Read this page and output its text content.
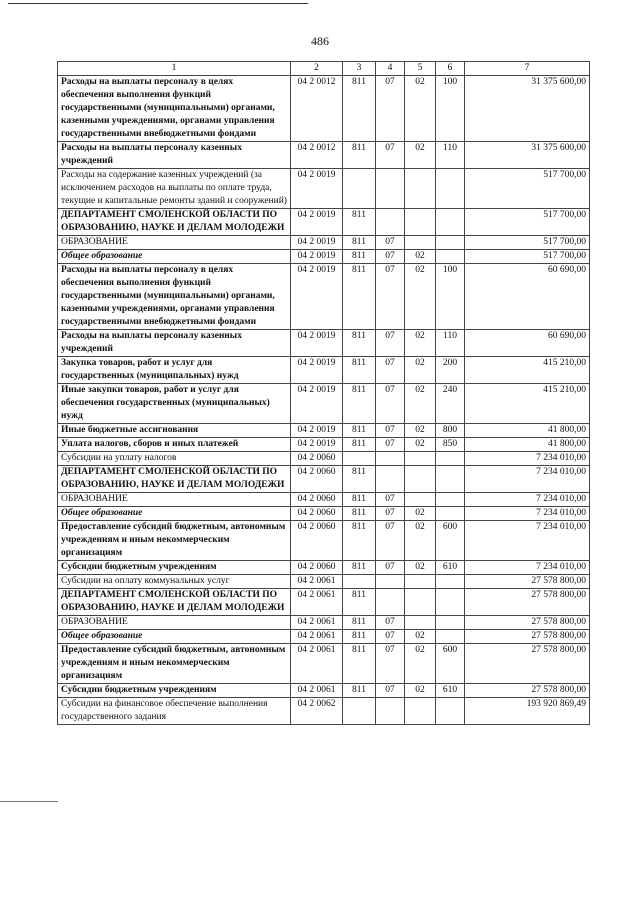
486
1	2	3	4	5	6	7
Расходы на выплаты персоналу в целях обеспечения выполнения функций государственными (муниципальными) органами, казенными учреждениями, органами управления государственными внебюджетными фондами	04 2 0012	811	07	02	100	31 375 600,00
Расходы на выплаты персоналу казенных учреждений	04 2 0012	811	07	02	110	31 375 600,00
Расходы на содержание казенных учреждений (за исключением расходов на выплаты по оплате труда, текущие и капитальные ремонты зданий и сооружений)	04 2 0019					517 700,00
ДЕПАРТАМЕНТ СМОЛЕНСКОЙ ОБЛАСТИ ПО ОБРАЗОВАНИЮ, НАУКЕ И ДЕЛАМ МОЛОДЕЖИ	04 2 0019	811				517 700,00
ОБРАЗОВАНИЕ	04 2 0019	811	07			517 700,00
Общее образование	04 2 0019	811	07	02		517 700,00
Расходы на выплаты персоналу в целях обеспечения выполнения функций государственными (муниципальными) органами, казенными учреждениями, органами управления государственными внебюджетными фондами	04 2 0019	811	07	02	100	60 690,00
Расходы на выплаты персоналу казенных учреждений	04 2 0019	811	07	02	110	60 690,00
Закупка товаров, работ и услуг для государственных (муниципальных) нужд	04 2 0019	811	07	02	200	415 210,00
Иные закупки товаров, работ и услуг для обеспечения государственных (муниципальных) нужд	04 2 0019	811	07	02	240	415 210,00
Иные бюджетные ассигнования	04 2 0019	811	07	02	800	41 800,00
Уплата налогов, сборов и иных платежей	04 2 0019	811	07	02	850	41 800,00
Субсидии на уплату налогов	04 2 0060					7 234 010,00
ДЕПАРТАМЕНТ СМОЛЕНСКОЙ ОБЛАСТИ ПО ОБРАЗОВАНИЮ, НАУКЕ И ДЕЛАМ МОЛОДЕЖИ	04 2 0060	811				7 234 010,00
ОБРАЗОВАНИЕ	04 2 0060	811	07			7 234 010,00
Общее образование	04 2 0060	811	07	02		7 234 010,00
Предоставление субсидий бюджетным, автономным учреждениям и иным некоммерческим организациям	04 2 0060	811	07	02	600	7 234 010,00
Субсидии бюджетным учреждениям	04 2 0060	811	07	02	610	7 234 010,00
Субсидии на оплату коммунальных услуг	04 2 0061					27 578 800,00
ДЕПАРТАМЕНТ СМОЛЕНСКОЙ ОБЛАСТИ ПО ОБРАЗОВАНИЮ, НАУКЕ И ДЕЛАМ МОЛОДЕЖИ	04 2 0061	811				27 578 800,00
ОБРАЗОВАНИЕ	04 2 0061	811	07			27 578 800,00
Общее образование	04 2 0061	811	07	02		27 578 800,00
Предоставление субсидий бюджетным, автономным учреждениям и иным некоммерческим организациям	04 2 0061	811	07	02	600	27 578 800,00
Субсидии бюджетным учреждениям	04 2 0061	811	07	02	610	27 578 800,00
Субсидии на финансовое обеспечение выполнения государственного задания	04 2 0062					193 920 869,49
